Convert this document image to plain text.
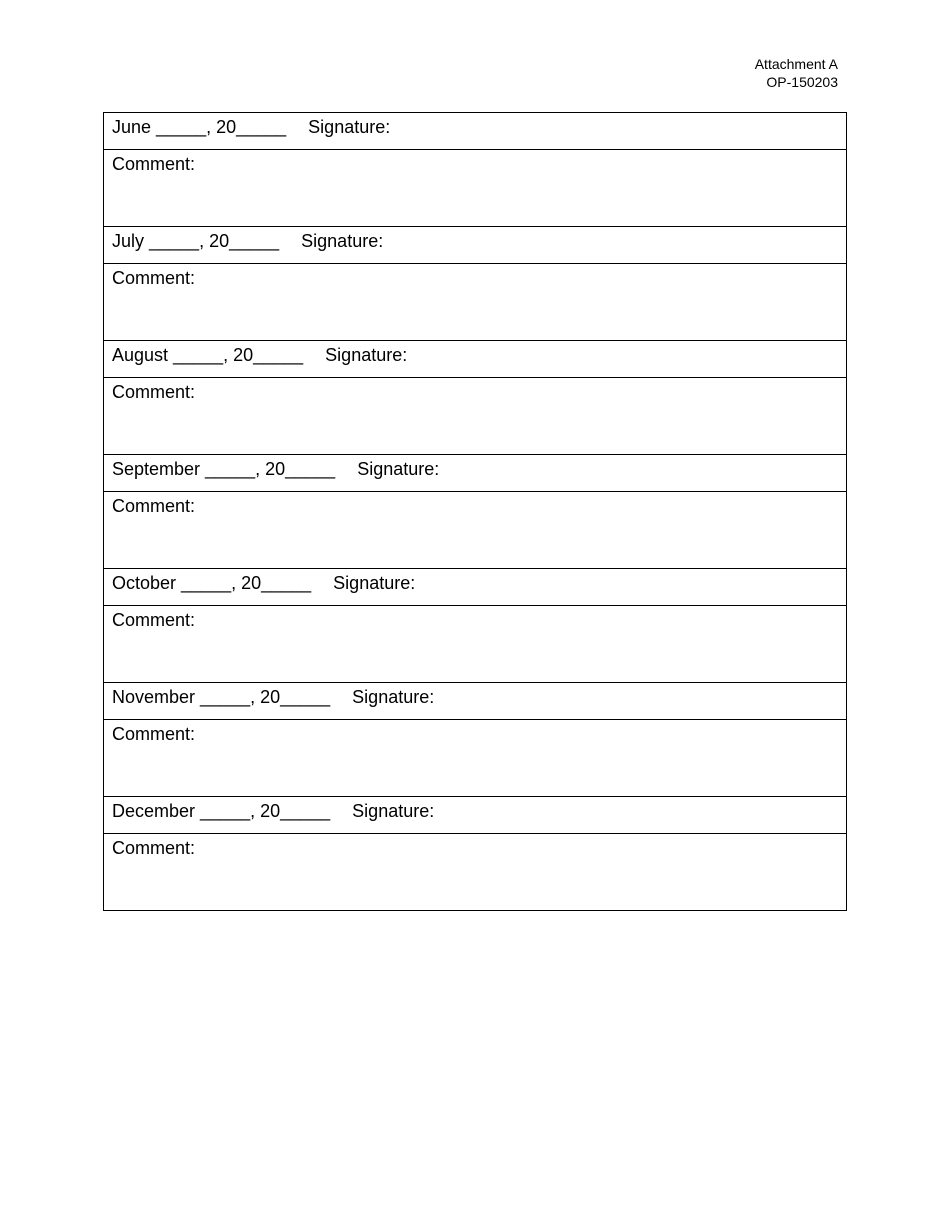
Attachment A
OP-150203
June _____, 20_____ Signature:
Comment:
July _____, 20_____ Signature:
Comment:
August _____, 20_____ Signature:
Comment:
September _____, 20_____ Signature:
Comment:
October _____, 20_____ Signature:
Comment:
November _____, 20_____ Signature:
Comment:
December _____, 20_____ Signature:
Comment:
